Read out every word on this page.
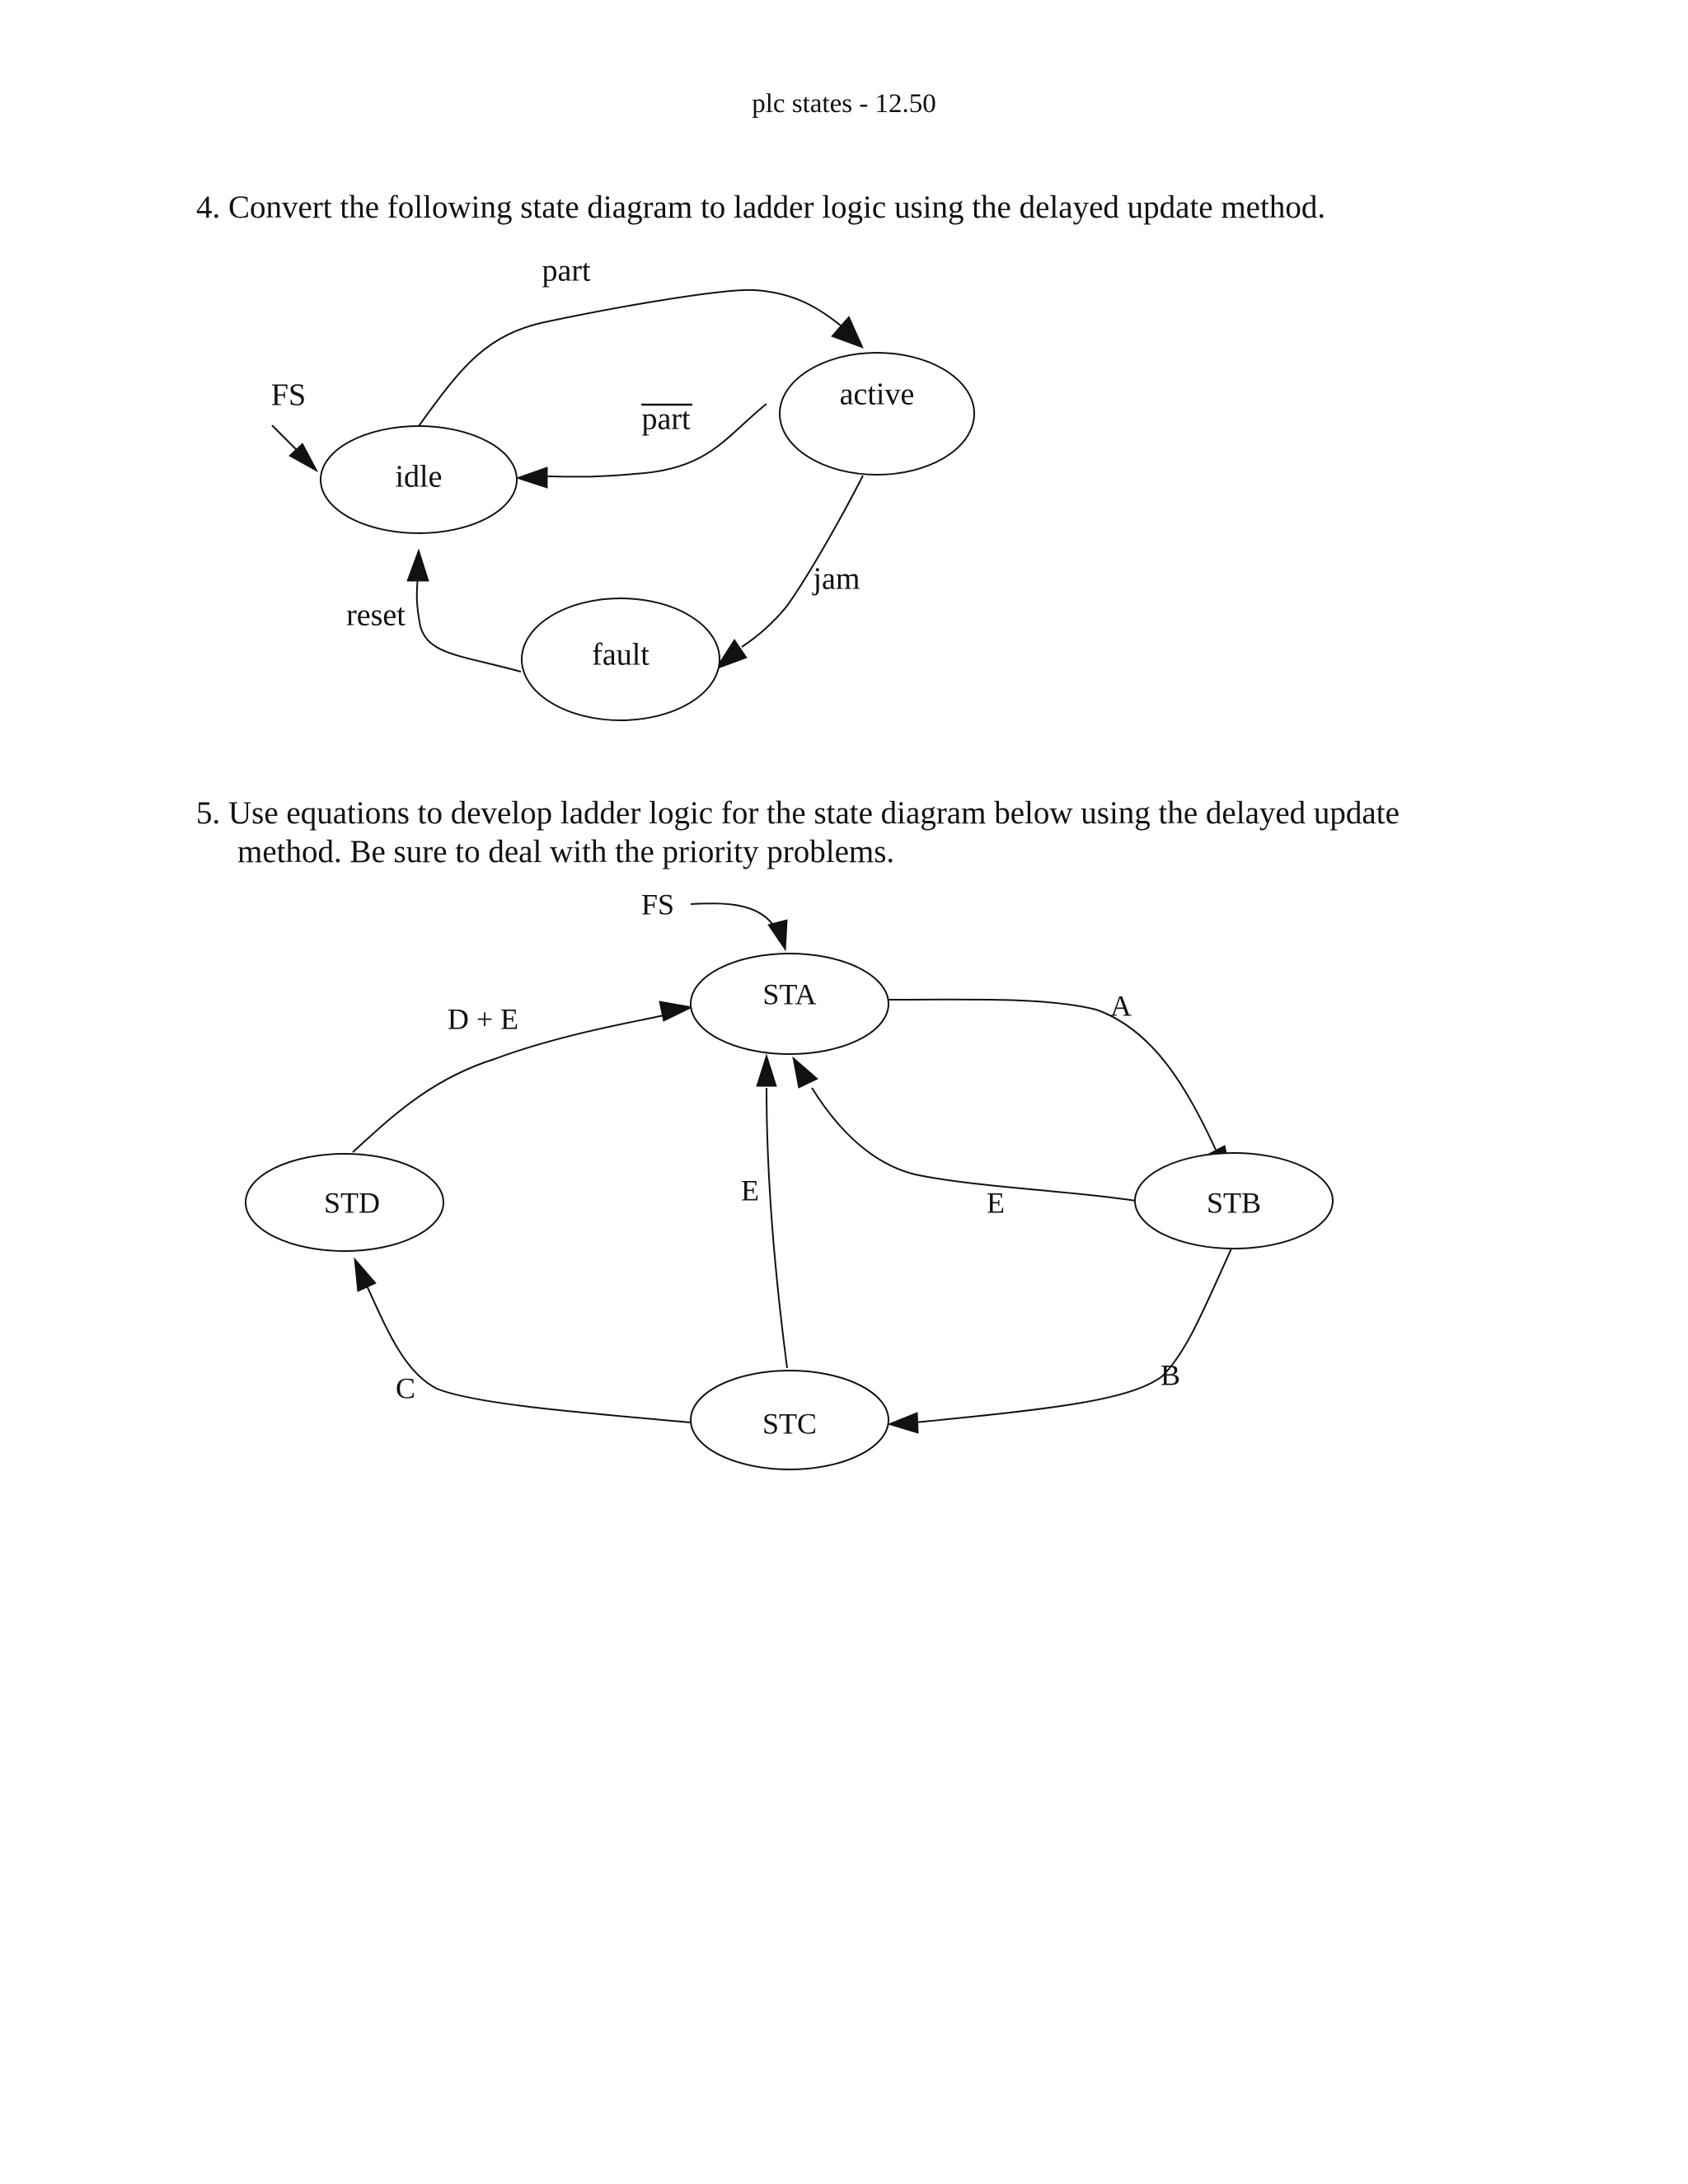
plc states - 12.50
4. Convert the following state diagram to ladder logic using the delayed update method.
5. Use equations to develop ladder logic for the state diagram below using the delayed update
method. Be sure to deal with the priority problems.
idle
active
fault
FS
part
part
jam
reset
STA
STB
STC
STD
FS
A
E
B
E
C
D + E
